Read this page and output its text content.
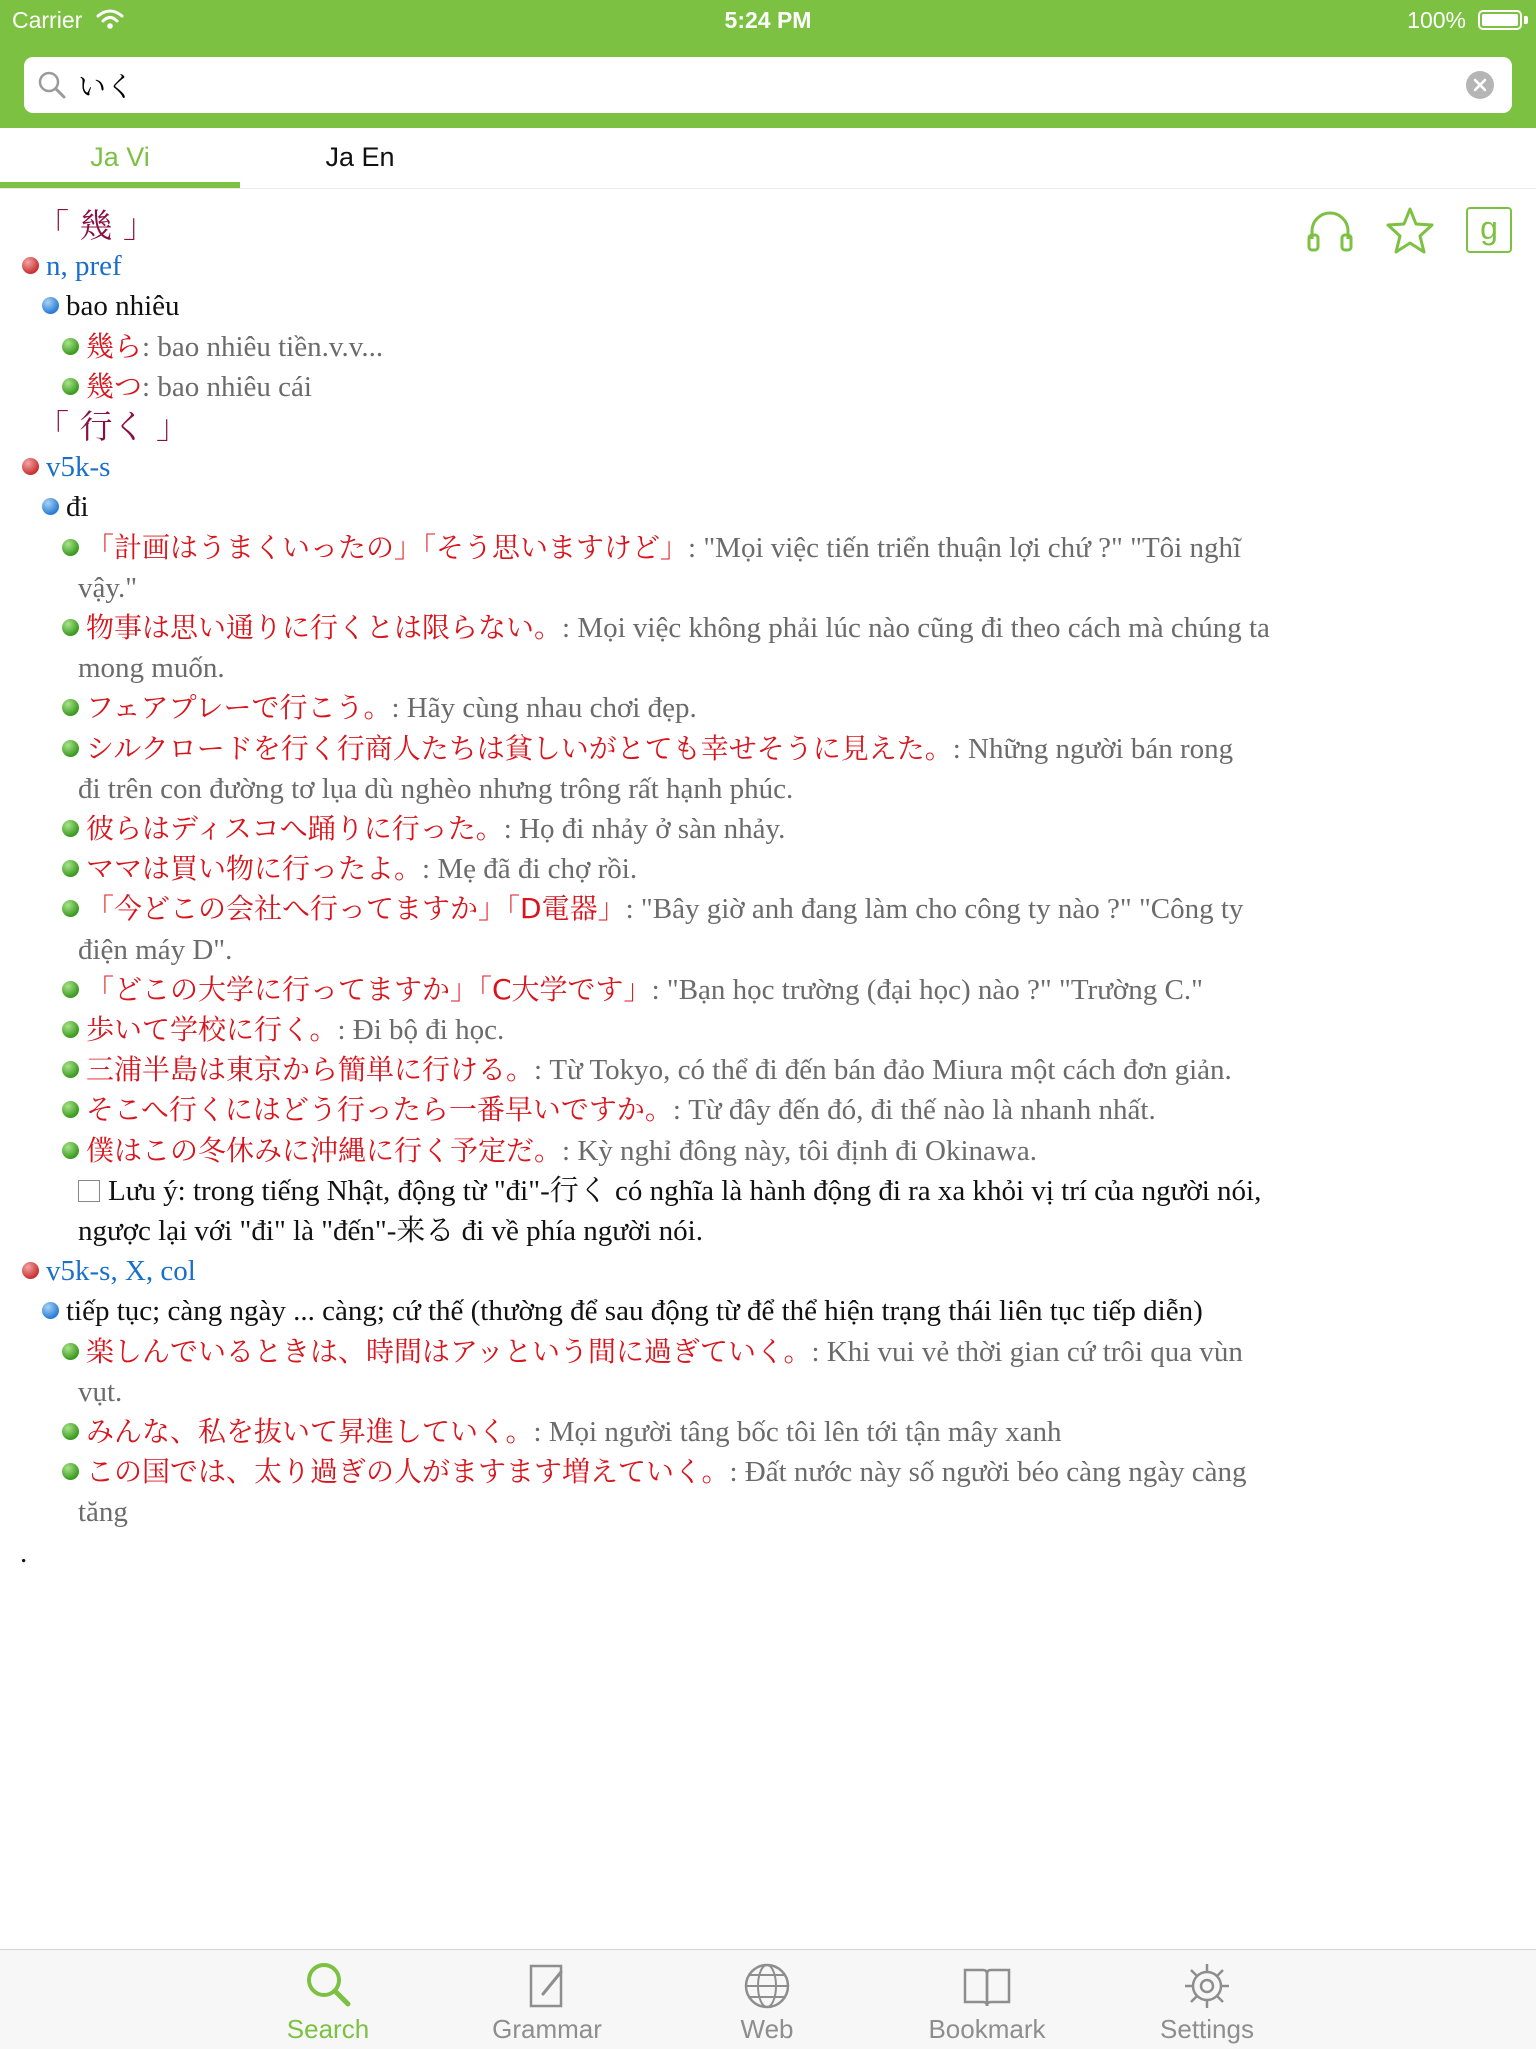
Carrier	5:24 PM	100%
いく
Ja Vi	Ja En
g
「 幾 」
n, pref
bao nhiêu
幾ら: bao nhiêu tiền.v.v...
幾つ: bao nhiêu cái
「 行く 」
v5k-s
đi
「計画はうまくいったの」「そう思いますけど」: "Mọi việc tiến triển thuận lợi chứ ?" "Tôi nghĩ
vậy."
物事は思い通りに行くとは限らない。: Mọi việc không phải lúc nào cũng đi theo cách mà chúng ta
mong muốn.
フェアプレーで行こう。: Hãy cùng nhau chơi đẹp.
シルクロードを行く行商人たちは貧しいがとても幸せそうに見えた。: Những người bán rong
đi trên con đường tơ lụa dù nghèo nhưng trông rất hạnh phúc.
彼らはディスコへ踊りに行った。: Họ đi nhảy ở sàn nhảy.
ママは買い物に行ったよ。: Mẹ đã đi chợ rồi.
「今どこの会社へ行ってますか」「D電器」: "Bây giờ anh đang làm cho công ty nào ?" "Công ty
điện máy D".
「どこの大学に行ってますか」「C大学です」: "Bạn học trường (đại học) nào ?" "Trường C."
歩いて学校に行く。: Đi bộ đi học.
三浦半島は東京から簡単に行ける。: Từ Tokyo, có thể đi đến bán đảo Miura một cách đơn giản.
そこへ行くにはどう行ったら一番早いですか。: Từ đây đến đó, đi thế nào là nhanh nhất.
僕はこの冬休みに沖縄に行く予定だ。: Kỳ nghỉ đông này, tôi định đi Okinawa.
Lưu ý: trong tiếng Nhật, động từ "đi"-行く có nghĩa là hành động đi ra xa khỏi vị trí của người nói,
ngược lại với "đi" là "đến"-来る đi về phía người nói.
v5k-s, X, col
tiếp tục; càng ngày ... càng; cứ thế (thường để sau động từ để thể hiện trạng thái liên tục tiếp diễn)
楽しんでいるときは、時間はアッという間に過ぎていく。: Khi vui vẻ thời gian cứ trôi qua vùn
vụt.
みんな、私を抜いて昇進していく。: Mọi người tâng bốc tôi lên tới tận mây xanh
この国では、太り過ぎの人がますます増えていく。: Đất nước này số người béo càng ngày càng
tăng
.
Search	Grammar	Web	Bookmark	Settings
